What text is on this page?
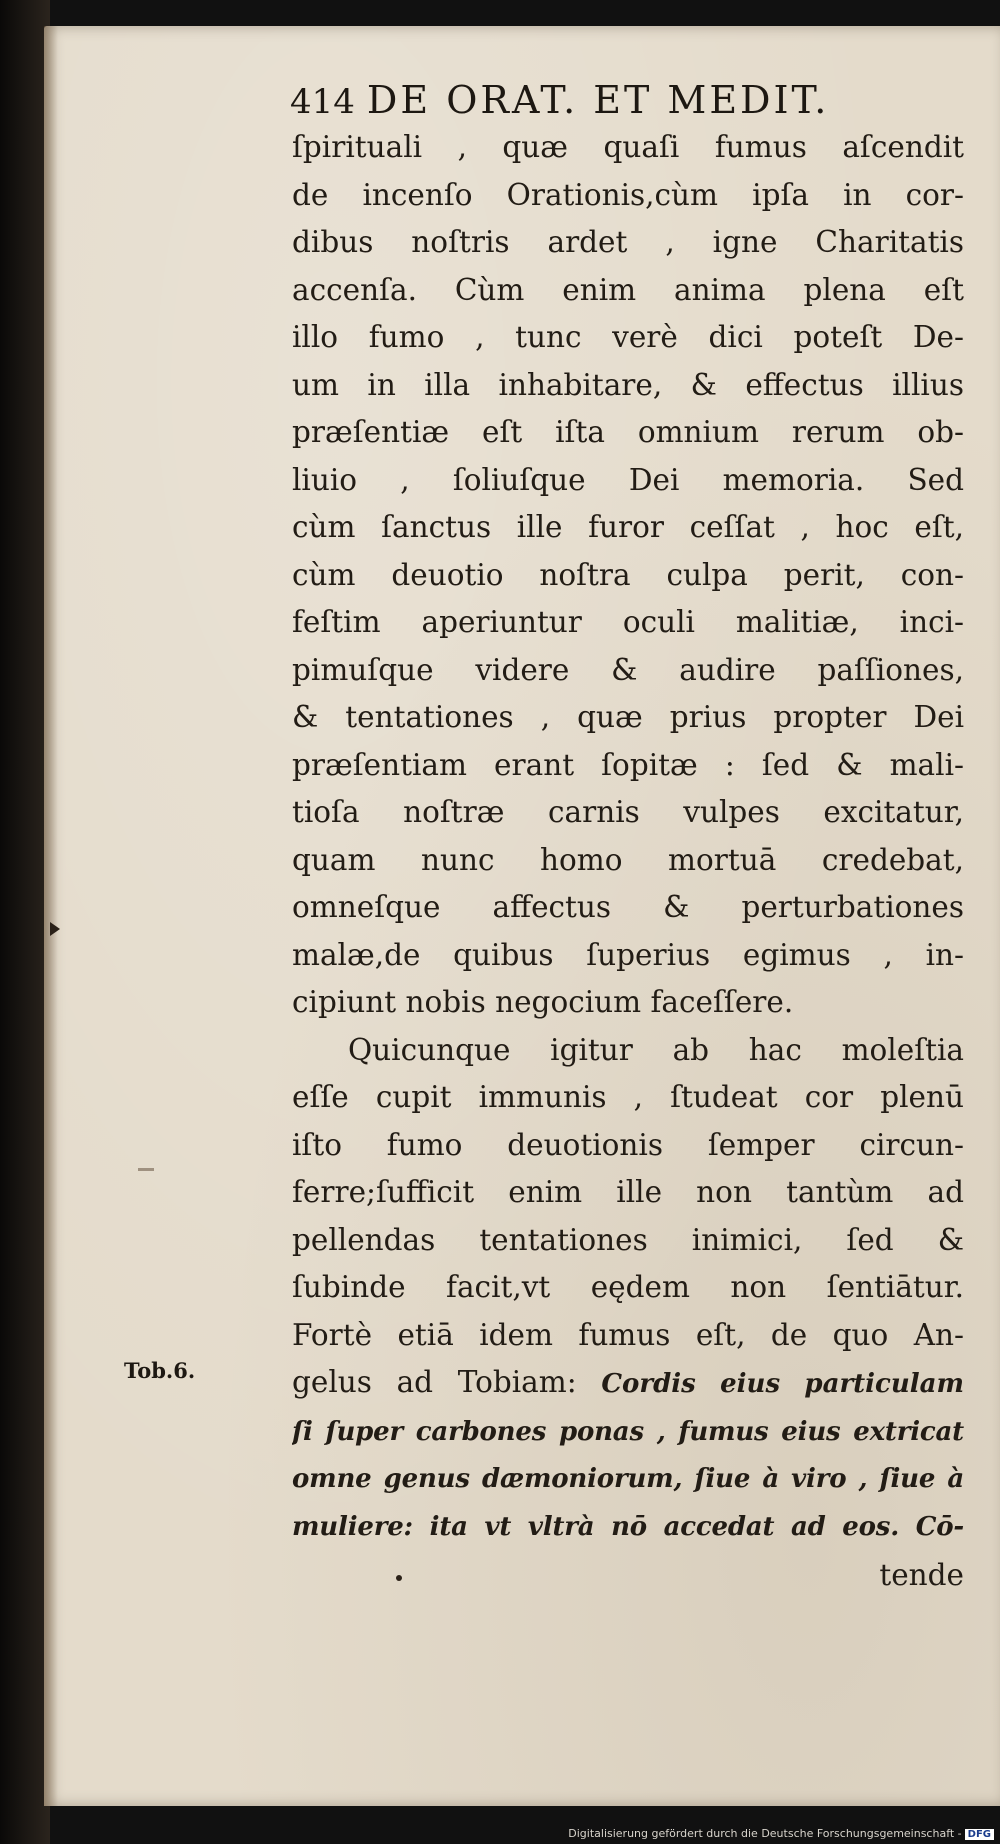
414 DE ORAT. ET MEDIT.
ſpirituali , quæ quaſi fumus aſcendit
de incenſo Orationis,cùm ipſa in cor-
dibus noſtris ardet , igne Charitatis
accenſa. Cùm enim anima plena eſt
illo fumo , tunc verè dici poteſt De-
um in illa inhabitare, & effectus illius
præſentiæ eſt iſta omnium rerum ob-
liuio , ſoliuſque Dei memoria. Sed
cùm ſanctus ille furor ceſſat , hoc eſt,
cùm deuotio noſtra culpa perit, con-
feſtim aperiuntur oculi malitiæ, inci-
pimuſque videre & audire paſſiones,
& tentationes , quæ prius propter Dei
præſentiam erant ſopitæ : ſed & mali-
tioſa noſtræ carnis vulpes excitatur,
quam nunc homo mortuā credebat,
omneſque affectus & perturbationes
malæ,de quibus ſuperius egimus , in-
cipiunt nobis negocium faceſſere.
Quicunque igitur ab hac moleſtia
eſſe cupit immunis , ſtudeat cor plenū
iſto fumo deuotionis ſemper circun-
ferre;ſufficit enim ille non tantùm ad
pellendas tentationes inimici, ſed &
ſubinde facit,vt eędem non ſentiātur.
Fortè etiā idem fumus eſt, de quo An-
gelus ad Tobiam: Cordis eius particulam
ſi ſuper carbones ponas , fumus eius extricat
omne genus dæmoniorum, ſiue à viro , ſiue à
muliere: ita vt vltrà nō accedat ad eos. Cō-
tende
Tob.6.
Digitalisierung gefördert durch die Deutsche Forschungsgemeinschaft - DFG
